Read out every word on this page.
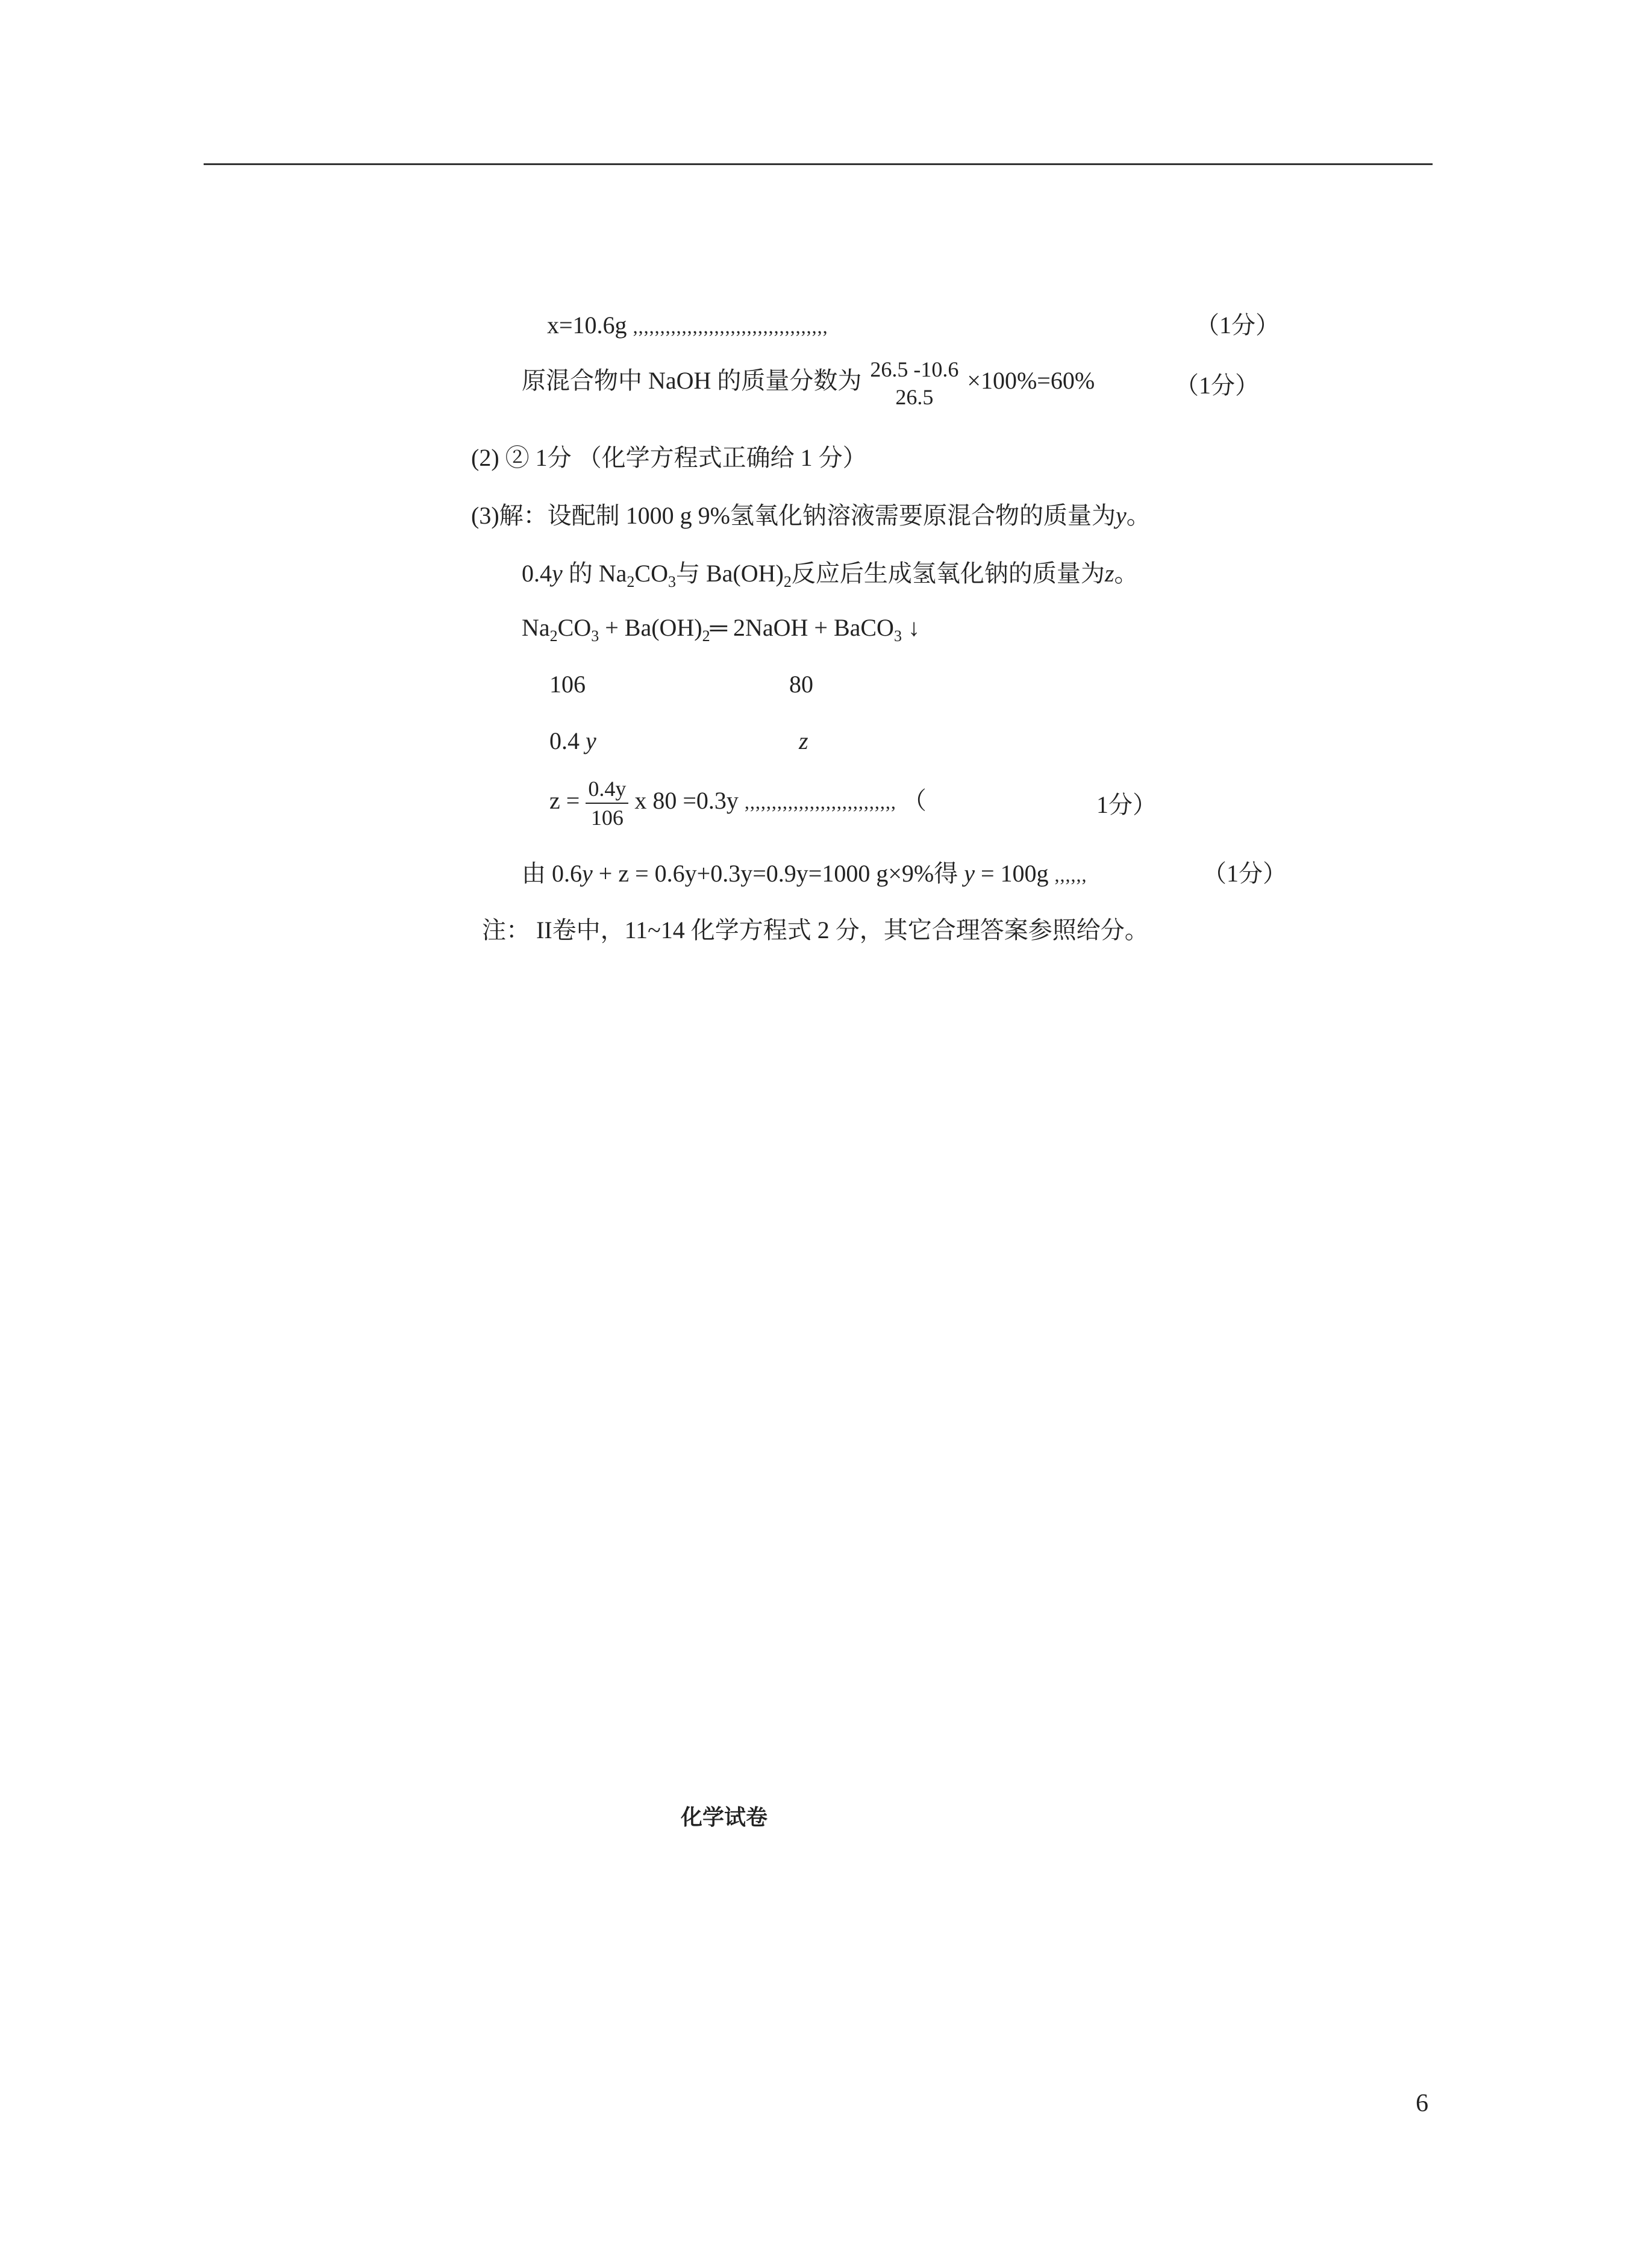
x=10.6g ,,,,,,,,,,,,,,,,,,,,,,,,,,,,,,,,,,,,	（1分）
原混合物中 NaOH 的质量分数为 26.5 -10.6
26.5
×100%=60%	（1分）
(2) ② 1分 （化学方程式正确给 1 分）
(3)解：设配制 1000 g 9%氢氧化钠溶液需要原混合物的质量为y。
0.4y 的 $Na_2CO_3$与 $Ba(OH)_2$反应后生成氢氧化钠的质量为z。
$Na_2CO_3$ + $Ba(OH)_2═$ 2NaOH + BaCO$_3$ ↓
106	80
0.4 y	z
$z = \frac{0.4y}{106}$ x 80 =0.3y ,,,,,,,,,,,,,,,,,,,,,,,,,,,, （	1分）
由 0.6y + z = 0.6y+0.3y=0.9y=1000 g×9%得 y = 100g ,,,,,,	（1分）
注： II卷中，11~14 化学方程式 2 分，其它合理答案参照给分。
化学试卷
6
